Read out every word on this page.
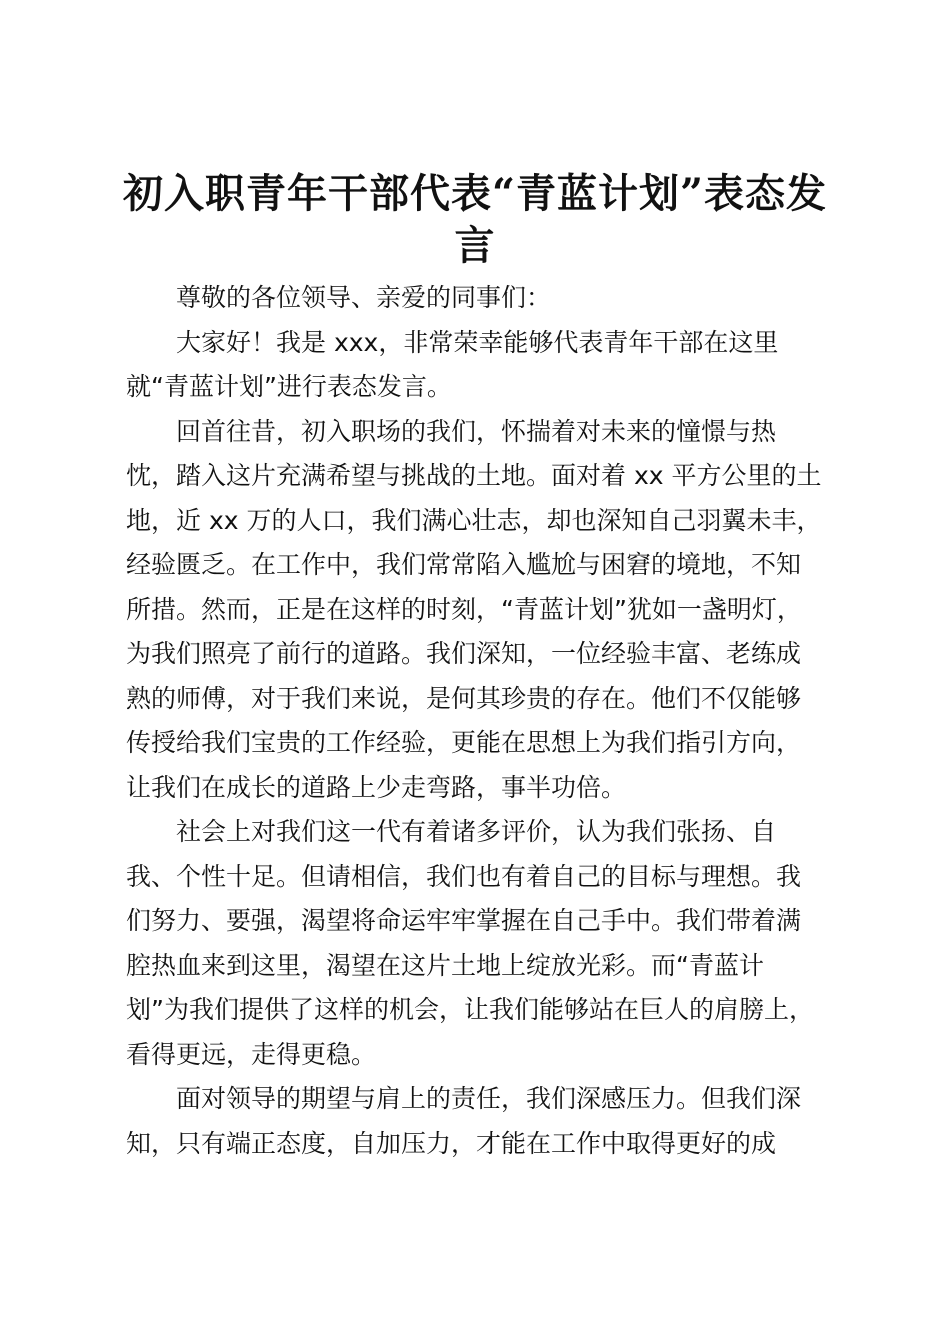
初入职青年干部代表“青蓝计划”表态发言

尊敬的各位领导、亲爱的同事们：

大家好！我是 xxx，非常荣幸能够代表青年干部在这里
就“青蓝计划”进行表态发言。

回首往昔，初入职场的我们，怀揣着对未来的憧憬与热
忱，踏入这片充满希望与挑战的土地。面对着 xx 平方公里的土
地，近 xx 万的人口，我们满心壮志，却也深知自己羽翼未丰，
经验匮乏。在工作中，我们常常陷入尴尬与困窘的境地，不知
所措。然而，正是在这样的时刻，“青蓝计划”犹如一盏明灯，
为我们照亮了前行的道路。我们深知，一位经验丰富、老练成
熟的师傅，对于我们来说，是何其珍贵的存在。他们不仅能够
传授给我们宝贵的工作经验，更能在思想上为我们指引方向，
让我们在成长的道路上少走弯路，事半功倍。

社会上对我们这一代有着诸多评价，认为我们张扬、自
我、个性十足。但请相信，我们也有着自己的目标与理想。我
们努力、要强，渴望将命运牢牢掌握在自己手中。我们带着满
腔热血来到这里，渴望在这片土地上绽放光彩。而“青蓝计
划”为我们提供了这样的机会，让我们能够站在巨人的肩膀上，
看得更远，走得更稳。

面对领导的期望与肩上的责任，我们深感压力。但我们深
知，只有端正态度，自加压力，才能在工作中取得更好的成
